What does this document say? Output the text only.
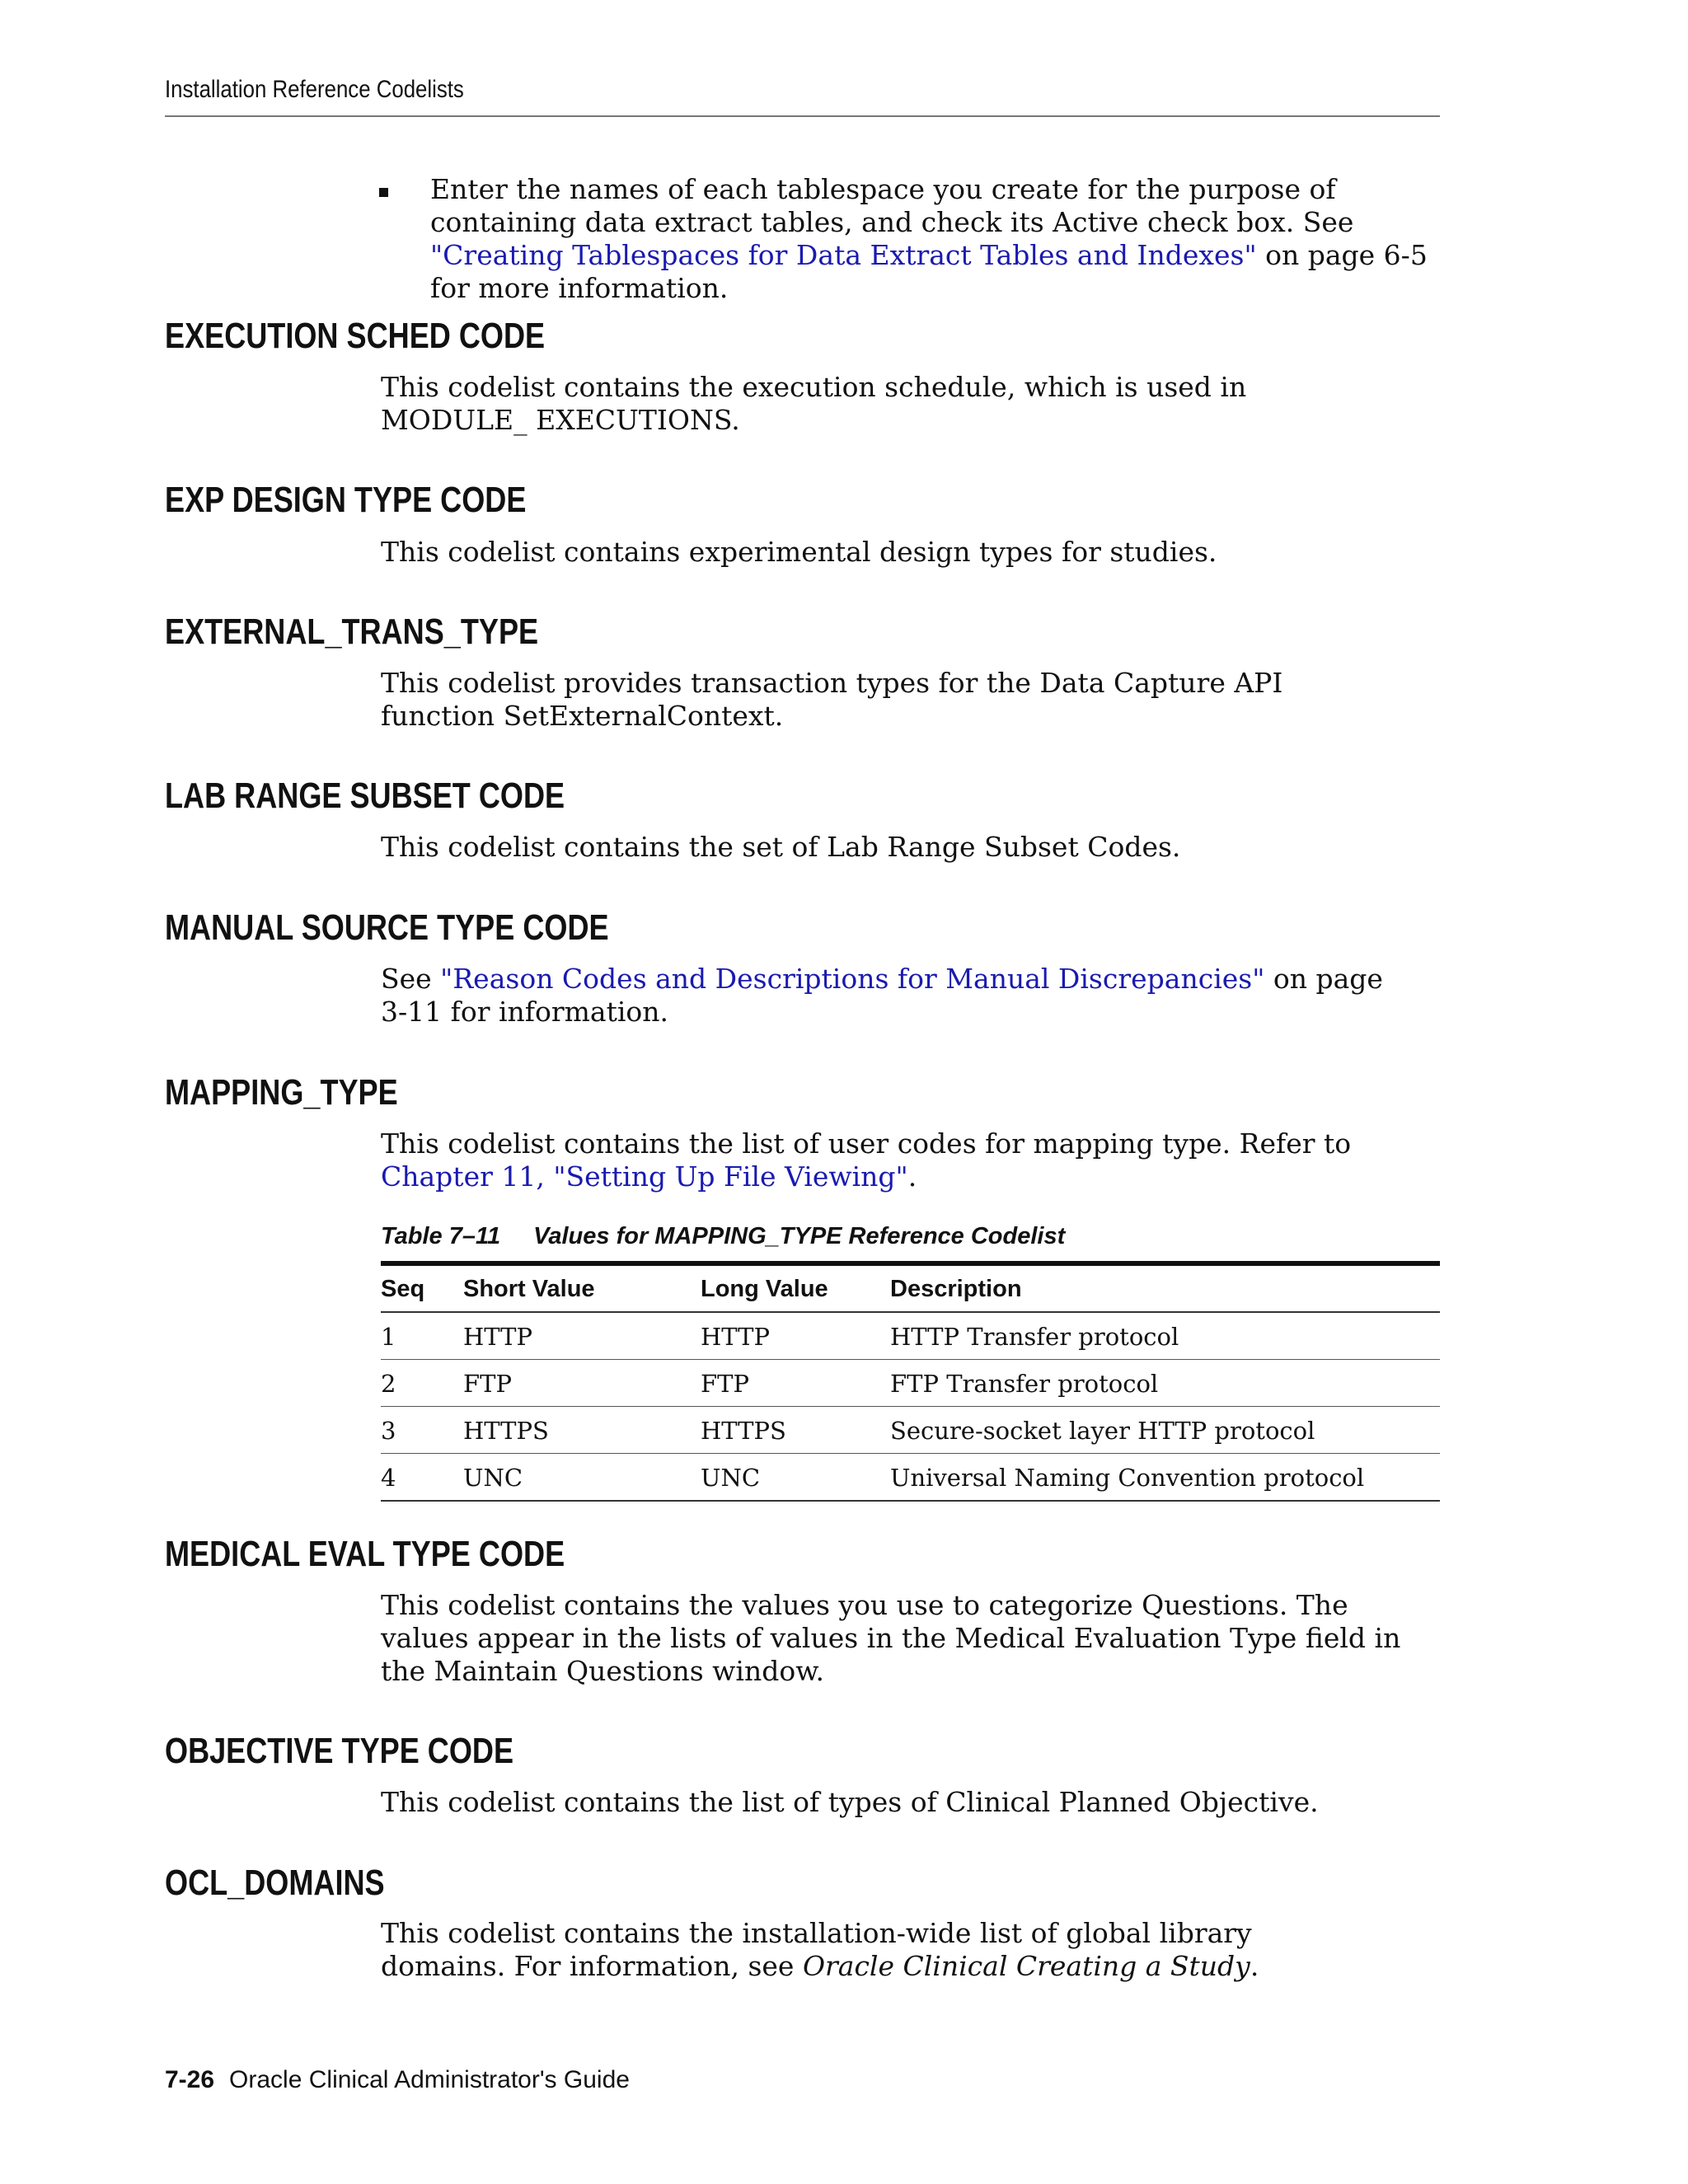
Installation Reference Codelists
Enter the names of each tablespace you create for the purpose of containing data extract tables, and check its Active check box. See "Creating Tablespaces for Data Extract Tables and Indexes" on page 6-5 for more information.
EXECUTION SCHED CODE
This codelist contains the execution schedule, which is used in MODULE_ EXECUTIONS.
EXP DESIGN TYPE CODE
This codelist contains experimental design types for studies.
EXTERNAL_TRANS_TYPE
This codelist provides transaction types for the Data Capture API function SetExternalContext.
LAB RANGE SUBSET CODE
This codelist contains the set of Lab Range Subset Codes.
MANUAL SOURCE TYPE CODE
See "Reason Codes and Descriptions for Manual Discrepancies" on page 3-11 for information.
MAPPING_TYPE
This codelist contains the list of user codes for mapping type. Refer to Chapter 11, "Setting Up File Viewing".
Table 7–11 Values for MAPPING_TYPE Reference Codelist
Seq	Short Value	Long Value	Description
1	HTTP	HTTP	HTTP Transfer protocol
2	FTP	FTP	FTP Transfer protocol
3	HTTPS	HTTPS	Secure-socket layer HTTP protocol
4	UNC	UNC	Universal Naming Convention protocol
MEDICAL EVAL TYPE CODE
This codelist contains the values you use to categorize Questions. The values appear in the lists of values in the Medical Evaluation Type field in the Maintain Questions window.
OBJECTIVE TYPE CODE
This codelist contains the list of types of Clinical Planned Objective.
OCL_DOMAINS
This codelist contains the installation-wide list of global library domains. For information, see Oracle Clinical Creating a Study.
7-26 Oracle Clinical Administrator's Guide
